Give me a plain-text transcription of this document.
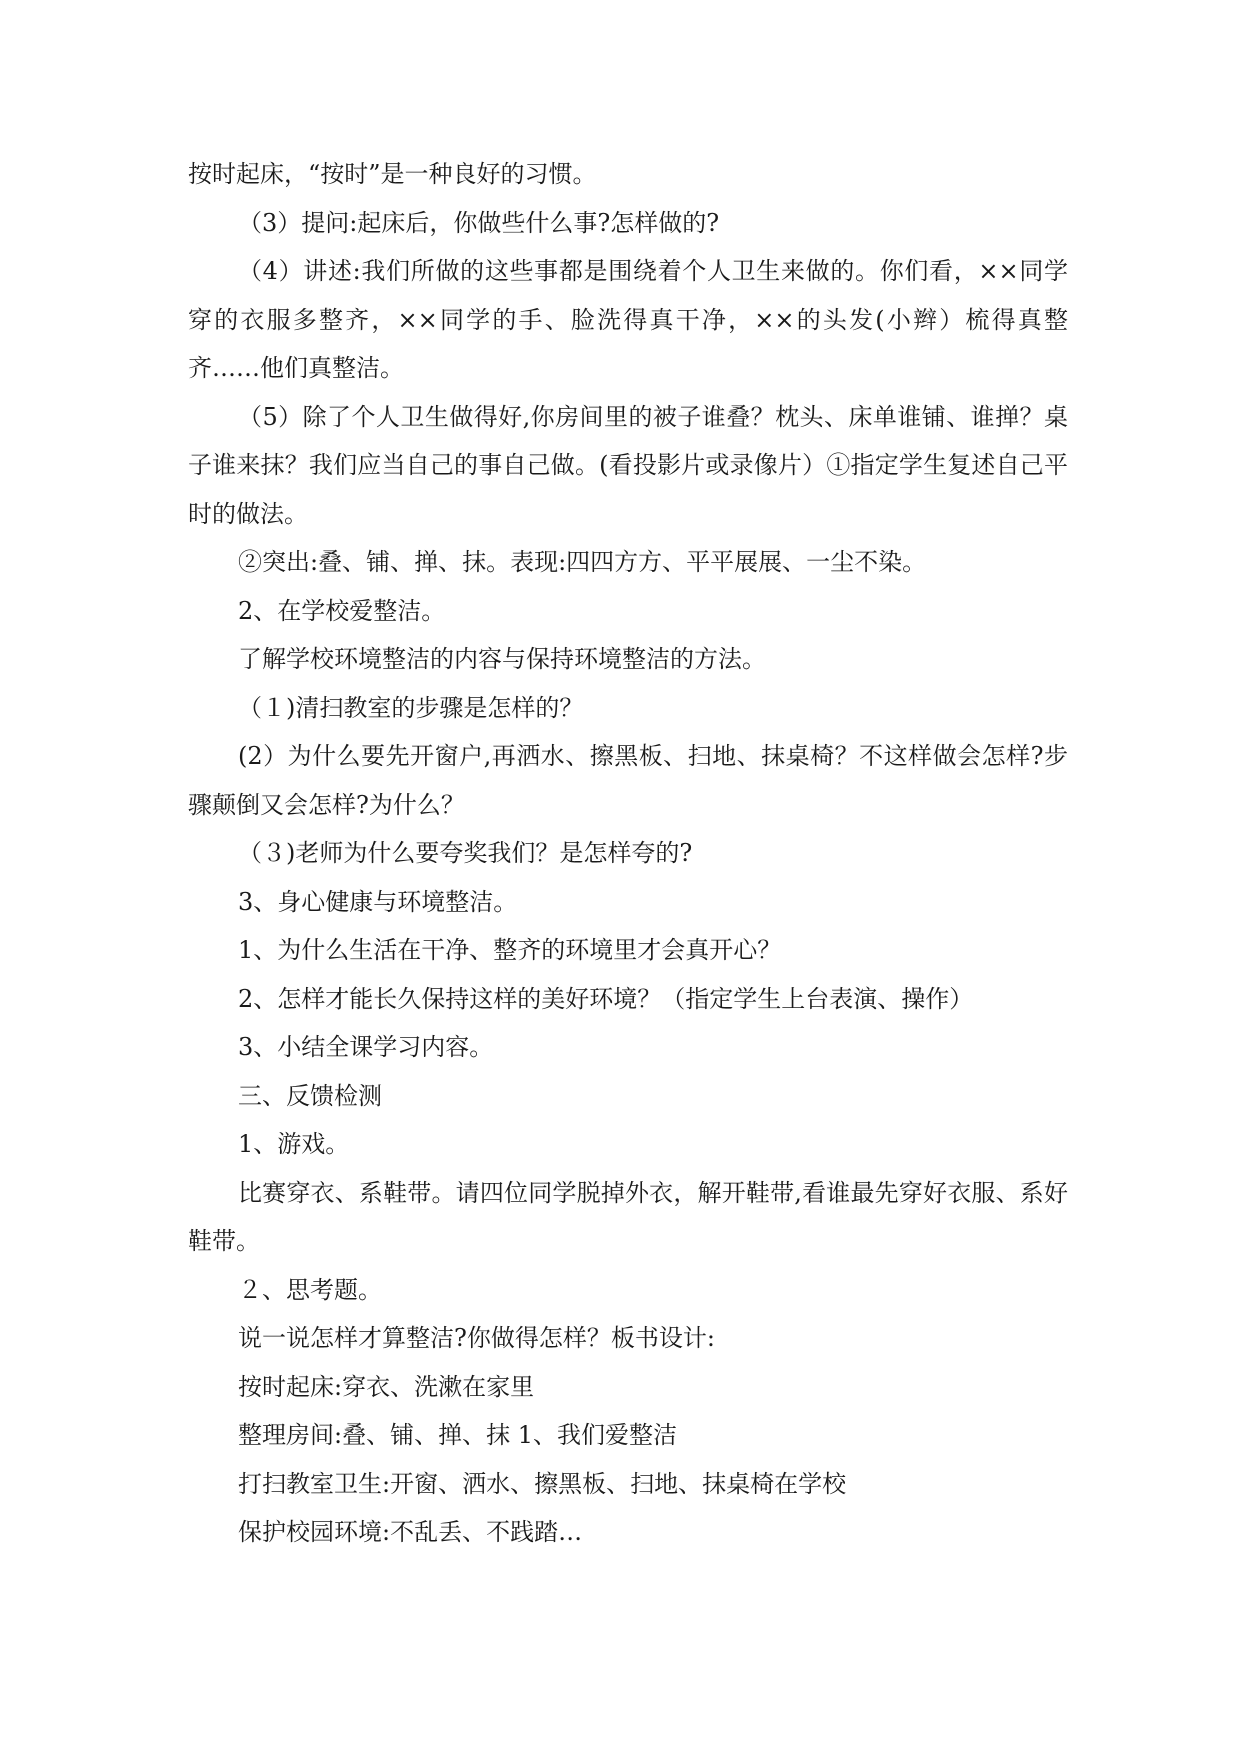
按时起床，“按时”是一种良好的习惯。

（3）提问:起床后，你做些什么事?怎样做的?

（4）讲述:我们所做的这些事都是围绕着个人卫生来做的。你们看，××同学穿的衣服多整齐，××同学的手、脸洗得真干净，××的头发(小辫）梳得真整齐……他们真整洁。

（5）除了个人卫生做得好,你房间里的被子谁叠？枕头、床单谁铺、谁掸？桌子谁来抹？我们应当自己的事自己做。(看投影片或录像片）①指定学生复述自己平时的做法。

②突出:叠、铺、掸、抹。表现:四四方方、平平展展、一尘不染。

2、在学校爱整洁。

了解学校环境整洁的内容与保持环境整洁的方法。

（１)清扫教室的步骤是怎样的？

(2）为什么要先开窗户,再洒水、擦黑板、扫地、抹桌椅？不这样做会怎样?步骤颠倒又会怎样?为什么？

（３)老师为什么要夸奖我们？是怎样夸的?

3、身心健康与环境整洁。

1、为什么生活在干净、整齐的环境里才会真开心？

2、怎样才能长久保持这样的美好环境？（指定学生上台表演、操作）

3、小结全课学习内容。

三、反馈检测

1、游戏。

比赛穿衣、系鞋带。请四位同学脱掉外衣，解开鞋带,看谁最先穿好衣服、系好鞋带。

２、思考题。

说一说怎样才算整洁?你做得怎样？板书设计:

按时起床:穿衣、洗漱在家里

整理房间:叠、铺、掸、抹 1、我们爱整洁

打扫教室卫生:开窗、洒水、擦黑板、扫地、抹桌椅在学校

保护校园环境:不乱丢、不践踏…
